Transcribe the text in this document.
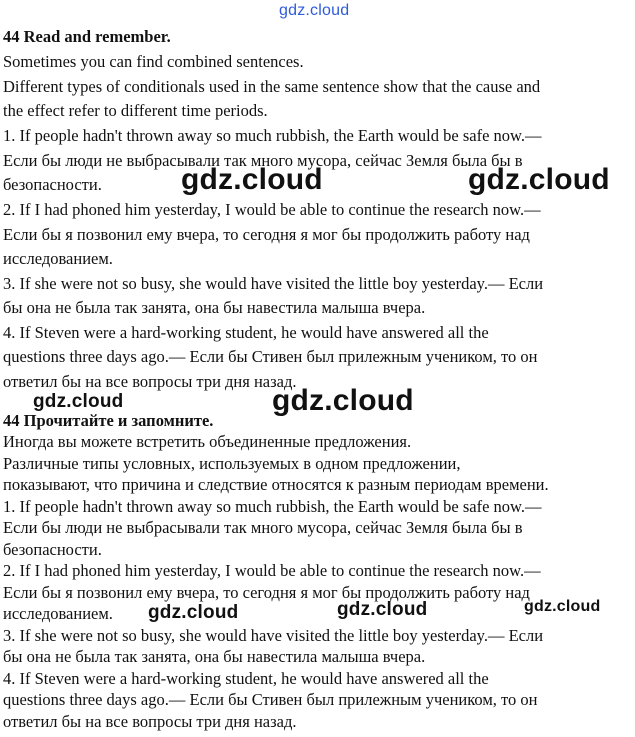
gdz.cloud
44 Read and remember.
Sometimes you can find combined sentences.
Different types of conditionals used in the same sentence show that the cause and
the effect refer to different time periods.
1. If people hadn't thrown away so much rubbish, the Earth would be safe now.—
Если бы люди не выбрасывали так много мусора, сейчас Земля была бы в
безопасности.
2. If I had phoned him yesterday, I would be able to continue the research now.—
Если бы я позвонил ему вчера, то сегодня я мог бы продолжить работу над
исследованием.
3. If she were not so busy, she would have visited the little boy yesterday.— Если
бы она не была так занята, она бы навестила малыша вчера.
4. If Steven were a hard-working student, he would have answered all the
questions three days ago.— Если бы Стивен был прилежным учеником, то он
ответил бы на все вопросы три дня назад.
44 Прочитайте и запомните.
Иногда вы можете встретить объединенные предложения.
Различные типы условных, используемых в одном предложении,
показывают, что причина и следствие относятся к разным периодам времени.
1. If people hadn't thrown away so much rubbish, the Earth would be safe now.—
Если бы люди не выбрасывали так много мусора, сейчас Земля была бы в
безопасности.
2. If I had phoned him yesterday, I would be able to continue the research now.—
Если бы я позвонил ему вчера, то сегодня я мог бы продолжить работу над
исследованием.
3. If she were not so busy, she would have visited the little boy yesterday.— Если
бы она не была так занята, она бы навестила малыша вчера.
4. If Steven were a hard-working student, he would have answered all the
questions three days ago.— Если бы Стивен был прилежным учеником, то он
ответил бы на все вопросы три дня назад.
gdz.cloud	gdz.cloud
gdz.cloud
gdz.cloud
gdz.cloud	gdz.cloud	gdz.cloud
